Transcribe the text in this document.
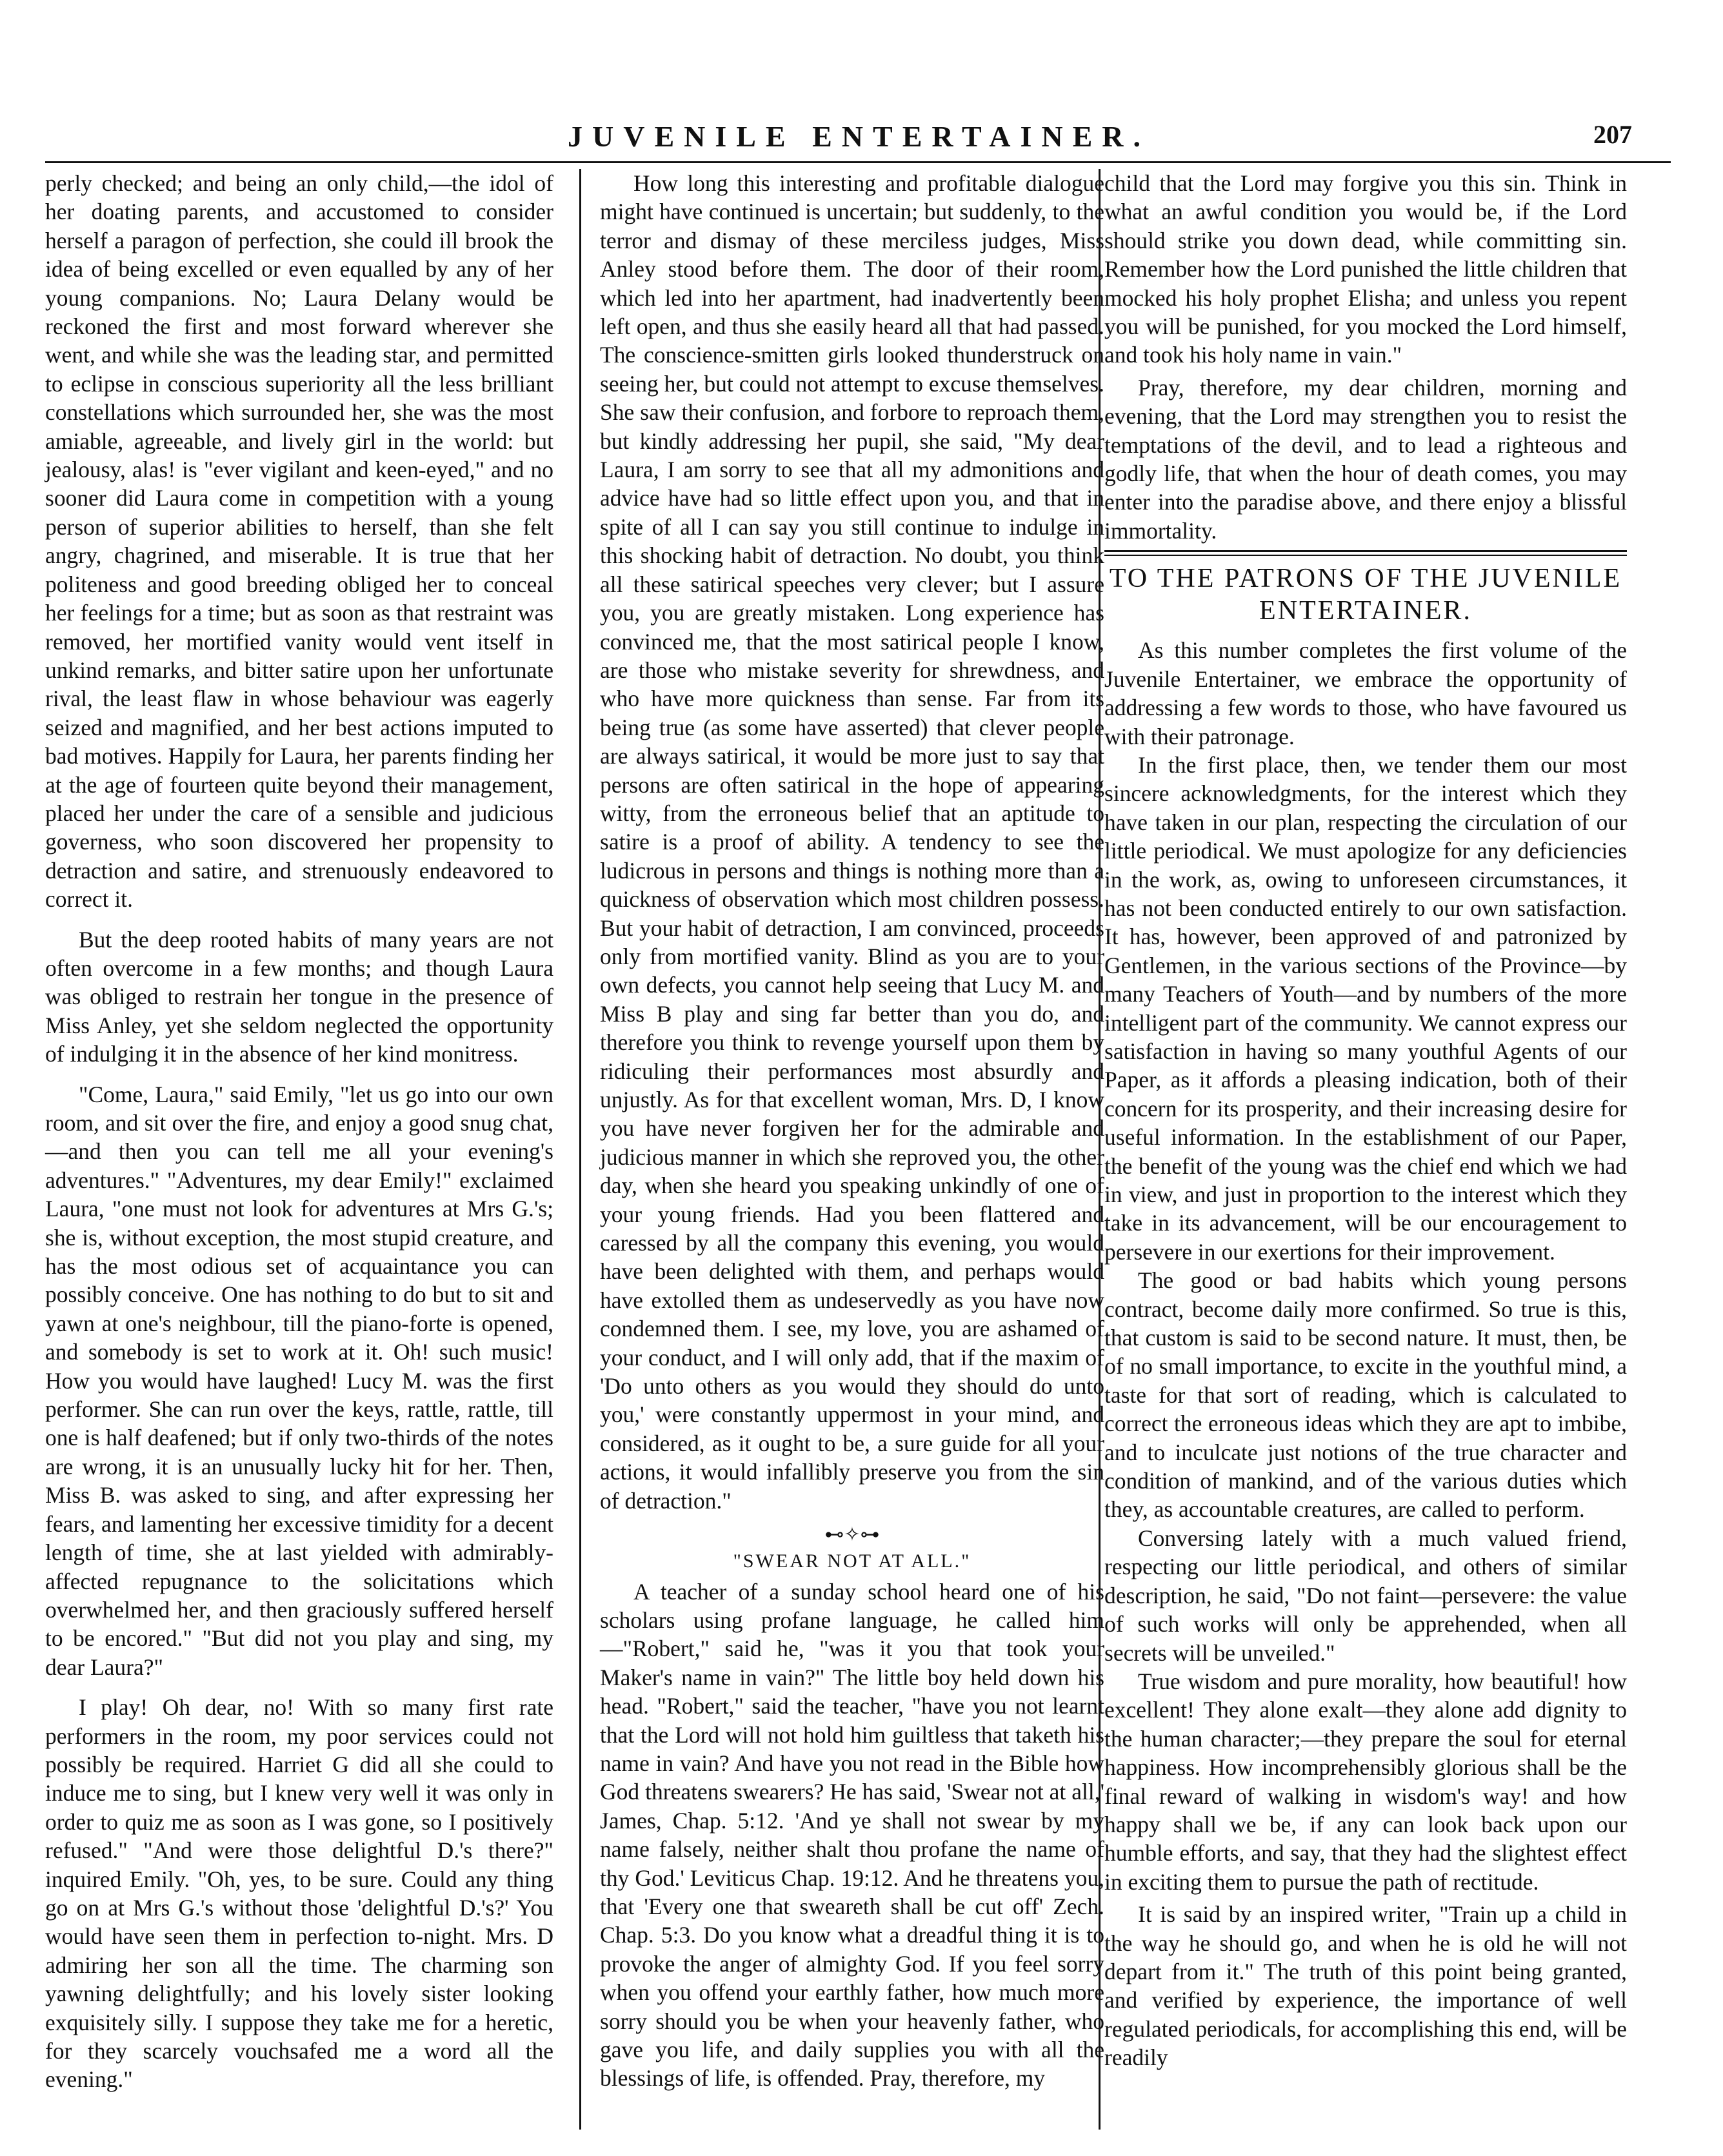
JUVENILE ENTERTAINER.	207

perly checked; and being an only child,—the idol of her doating parents, and accustomed to consider herself a paragon of perfection, she could ill brook the idea of being excelled or even equalled by any of her young companions. No; Laura Delany would be reckoned the first and most forward wherever she went, and while she was the leading star, and permitted to eclipse in conscious superiority all the less brilliant constellations which surrounded her, she was the most amiable, agreeable, and lively girl in the world: but jealousy, alas! is "ever vigilant and keen-eyed," and no sooner did Laura come in competition with a young person of superior abilities to herself, than she felt angry, chagrined, and miserable. It is true that her politeness and good breeding obliged her to conceal her feelings for a time; but as soon as that restraint was removed, her mortified vanity would vent itself in unkind remarks, and bitter satire upon her unfortunate rival, the least flaw in whose behaviour was eagerly seized and magnified, and her best actions imputed to bad motives. Happily for Laura, her parents finding her at the age of fourteen quite beyond their management, placed her under the care of a sensible and judicious governess, who soon discovered her propensity to detraction and satire, and strenuously endeavored to correct it.

But the deep rooted habits of many years are not often overcome in a few months; and though Laura was obliged to restrain her tongue in the presence of Miss Anley, yet she seldom neglected the opportunity of indulging it in the absence of her kind monitress.

"Come, Laura," said Emily, "let us go into our own room, and sit over the fire, and enjoy a good snug chat,—and then you can tell me all your evening's adventures." "Adventures, my dear Emily!" exclaimed Laura, "one must not look for adventures at Mrs G.'s; she is, without exception, the most stupid creature, and has the most odious set of acquaintance you can possibly conceive. One has nothing to do but to sit and yawn at one's neighbour, till the piano-forte is opened, and somebody is set to work at it. Oh! such music! How you would have laughed! Lucy M. was the first performer. She can run over the keys, rattle, rattle, till one is half deafened; but if only two-thirds of the notes are wrong, it is an unusually lucky hit for her. Then, Miss B. was asked to sing, and after expressing her fears, and lamenting her excessive timidity for a decent length of time, she at last yielded with admirably-affected repugnance to the solicitations which overwhelmed her, and then graciously suffered herself to be encored." "But did not you play and sing, my dear Laura?"

I play! Oh dear, no! With so many first rate performers in the room, my poor services could not possibly be required. Harriet G did all she could to induce me to sing, but I knew very well it was only in order to quiz me as soon as I was gone, so I positively refused." "And were those delightful D.'s there?" inquired Emily. "Oh, yes, to be sure. Could any thing go on at Mrs G.'s without those 'delightful D.'s?' You would have seen them in perfection to-night. Mrs. D admiring her son all the time. The charming son yawning delightfully; and his lovely sister looking exquisitely silly. I suppose they take me for a heretic, for they scarcely vouchsafed me a word all the evening."

How long this interesting and profitable dialogue might have continued is uncertain; but suddenly, to the terror and dismay of these merciless judges, Miss Anley stood before them. The door of their room, which led into her apartment, had inadvertently been left open, and thus she easily heard all that had passed. The conscience-smitten girls looked thunderstruck on seeing her, but could not attempt to excuse themselves. She saw their confusion, and forbore to reproach them, but kindly addressing her pupil, she said, "My dear Laura, I am sorry to see that all my admonitions and advice have had so little effect upon you, and that in spite of all I can say you still continue to indulge in this shocking habit of detraction. No doubt, you think all these satirical speeches very clever; but I assure you, you are greatly mistaken. Long experience has convinced me, that the most satirical people I know, are those who mistake severity for shrewdness, and who have more quickness than sense. Far from its being true (as some have asserted) that clever people are always satirical, it would be more just to say that persons are often satirical in the hope of appearing witty, from the erroneous belief that an aptitude to satire is a proof of ability. A tendency to see the ludicrous in persons and things is nothing more than a quickness of observation which most children possess. But your habit of detraction, I am convinced, proceeds only from mortified vanity. Blind as you are to your own defects, you cannot help seeing that Lucy M. and Miss B play and sing far better than you do, and therefore you think to revenge yourself upon them by ridiculing their performances most absurdly and unjustly. As for that excellent woman, Mrs. D, I know you have never forgiven her for the admirable and judicious manner in which she reproved you, the other day, when she heard you speaking unkindly of one of your young friends. Had you been flattered and caressed by all the company this evening, you would have been delighted with them, and perhaps would have extolled them as undeservedly as you have now condemned them. I see, my love, you are ashamed of your conduct, and I will only add, that if the maxim of 'Do unto others as you would they should do unto you,' were constantly uppermost in your mind, and considered, as it ought to be, a sure guide for all your actions, it would infallibly preserve you from the sin of detraction."

⊷✧⊶
"SWEAR NOT AT ALL."

A teacher of a sunday school heard one of his scholars using profane language, he called him—"Robert," said he, "was it you that took your Maker's name in vain?" The little boy held down his head. "Robert," said the teacher, "have you not learnt that the Lord will not hold him guiltless that taketh his name in vain? And have you not read in the Bible how God threatens swearers? He has said, 'Swear not at all,' James, Chap. 5:12. 'And ye shall not swear by my name falsely, neither shalt thou profane the name of thy God.' Leviticus Chap. 19:12. And he threatens you, that 'Every one that sweareth shall be cut off' Zech. Chap. 5:3. Do you know what a dreadful thing it is to provoke the anger of almighty God. If you feel sorry when you offend your earthly father, how much more sorry should you be when your heavenly father, who gave you life, and daily supplies you with all the blessings of life, is offended. Pray, therefore, my

child that the Lord may forgive you this sin. Think in what an awful condition you would be, if the Lord should strike you down dead, while committing sin. Remember how the Lord punished the little children that mocked his holy prophet Elisha; and unless you repent you will be punished, for you mocked the Lord himself, and took his holy name in vain."

Pray, therefore, my dear children, morning and evening, that the Lord may strengthen you to resist the temptations of the devil, and to lead a righteous and godly life, that when the hour of death comes, you may enter into the paradise above, and there enjoy a blissful immortality.

TO THE PATRONS OF THE JUVENILE ENTERTAINER.

As this number completes the first volume of the Juvenile Entertainer, we embrace the opportunity of addressing a few words to those, who have favoured us with their patronage.

In the first place, then, we tender them our most sincere acknowledgments, for the interest which they have taken in our plan, respecting the circulation of our little periodical. We must apologize for any deficiencies in the work, as, owing to unforeseen circumstances, it has not been conducted entirely to our own satisfaction. It has, however, been approved of and patronized by Gentlemen, in the various sections of the Province—by many Teachers of Youth—and by numbers of the more intelligent part of the community. We cannot express our satisfaction in having so many youthful Agents of our Paper, as it affords a pleasing indication, both of their concern for its prosperity, and their increasing desire for useful information. In the establishment of our Paper, the benefit of the young was the chief end which we had in view, and just in proportion to the interest which they take in its advancement, will be our encouragement to persevere in our exertions for their improvement.

The good or bad habits which young persons contract, become daily more confirmed. So true is this, that custom is said to be second nature. It must, then, be of no small importance, to excite in the youthful mind, a taste for that sort of reading, which is calculated to correct the erroneous ideas which they are apt to imbibe, and to inculcate just notions of the true character and condition of mankind, and of the various duties which they, as accountable creatures, are called to perform.

Conversing lately with a much valued friend, respecting our little periodical, and others of similar description, he said, "Do not faint—persevere: the value of such works will only be apprehended, when all secrets will be unveiled."

True wisdom and pure morality, how beautiful! how excellent! They alone exalt—they alone add dignity to the human character;—they prepare the soul for eternal happiness. How incomprehensibly glorious shall be the final reward of walking in wisdom's way! and how happy shall we be, if any can look back upon our humble efforts, and say, that they had the slightest effect in exciting them to pursue the path of rectitude.

It is said by an inspired writer, "Train up a child in the way he should go, and when he is old he will not depart from it." The truth of this point being granted, and verified by experience, the importance of well regulated periodicals, for accomplishing this end, will be readily
